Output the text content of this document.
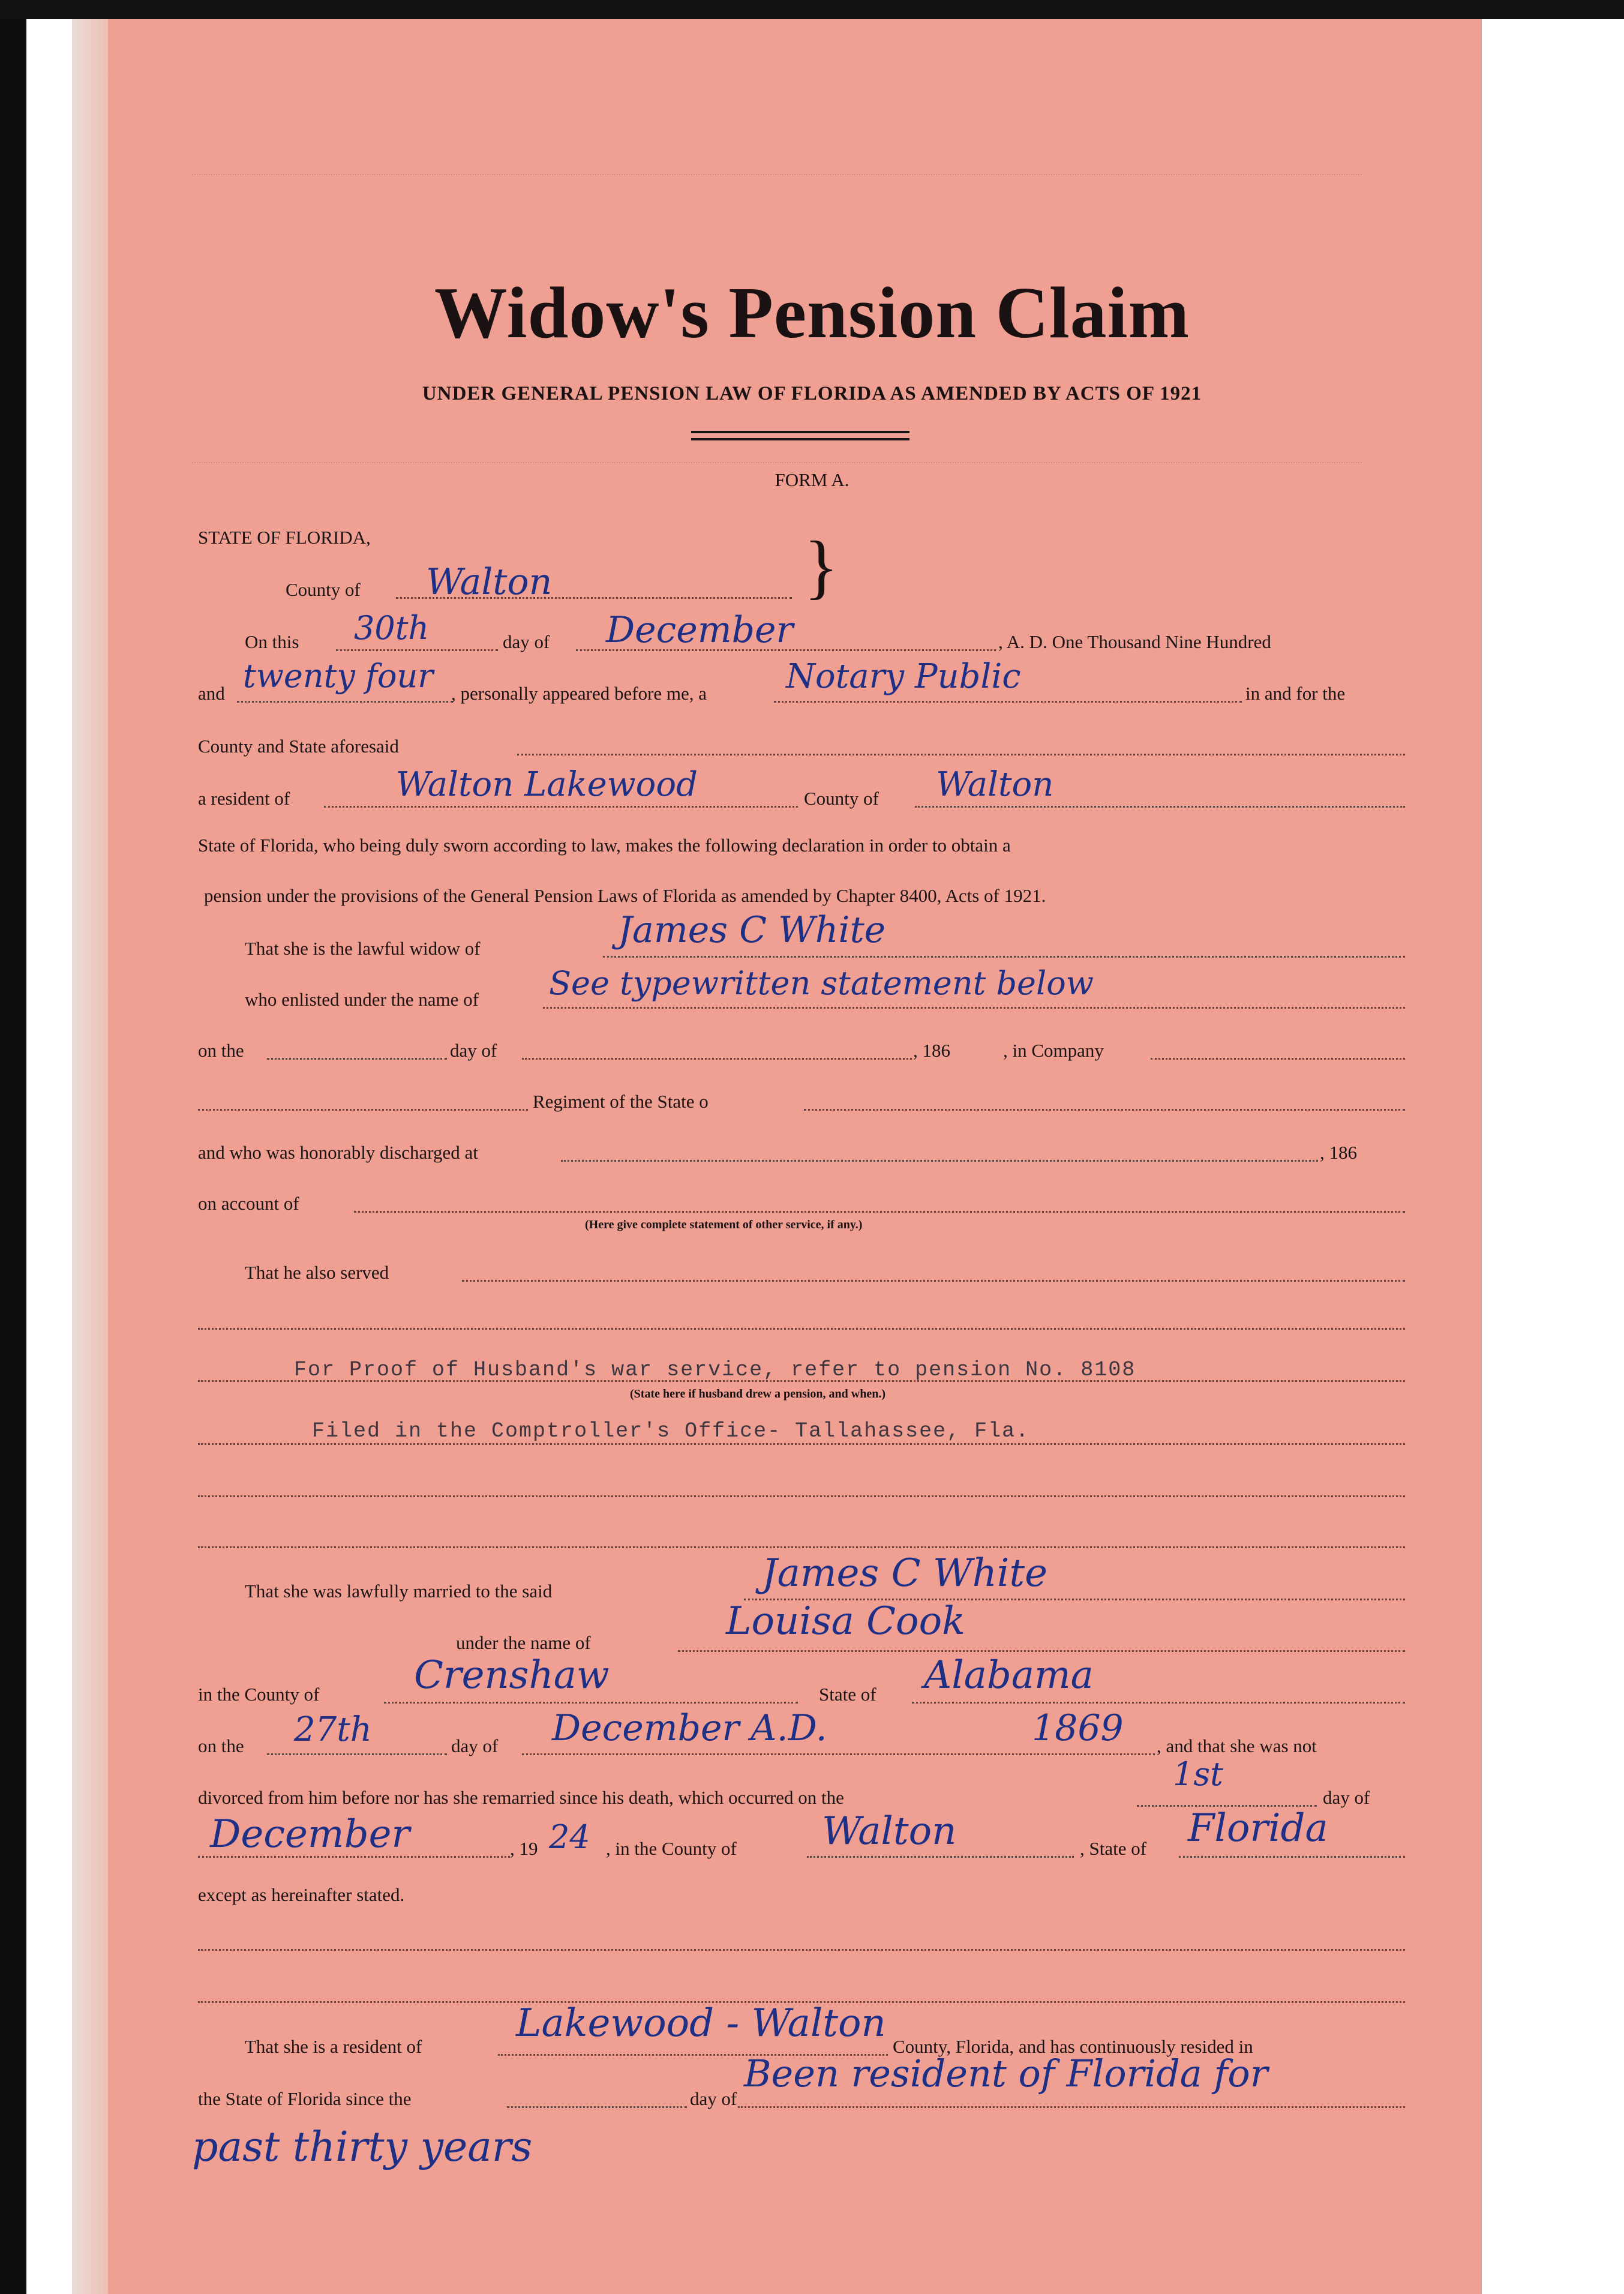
Widow's Pension Claim
UNDER GENERAL PENSION LAW OF FLORIDA AS AMENDED BY ACTS OF 1921
FORM A.
STATE OF FLORIDA,	}
County of Walton
On this 30th	day of December	, A. D. One Thousand Nine Hundred
and twenty four , personally appeared before me, a Notary Public	in and for the
County and State aforesaid
a resident of	Walton Lakewood	County of Walton
State of Florida, who being duly sworn according to law, makes the following declaration in order to obtain a
pension under the provisions of the General Pension Laws of Florida as amended by Chapter 8400, Acts of 1921.
That she is the lawful widow of	James C White
who enlisted under the name of See typewritten statement below
on the	day of	, 186	, in Company
Regiment of the State o
and who was honorably discharged at	, 186
on account of
(Here give complete statement of other service, if any.)
That he also served
For Proof of Husband's war service, refer to pension No. 8108
(State here if husband drew a pension, and when.)
Filed in the Comptroller's Office- Tallahassee, Fla.
That she was lawfully married to the said	James C White
under the name of	Louisa Cook
in the County of Crenshaw	State of Alabama
on the 27th	day of December A.D.	1869 , and that she was not
divorced from him before nor has she remarried since his death, which occurred on the
1st
day of
December	, 19 24 , in the County of Walton	, State of Florida
except as hereinafter stated.
That she is a resident of
Lakewood - Walton
County, Florida, and has continuously resided in
the State of Florida since the	day of
Been resident of Florida for
past thirty years
